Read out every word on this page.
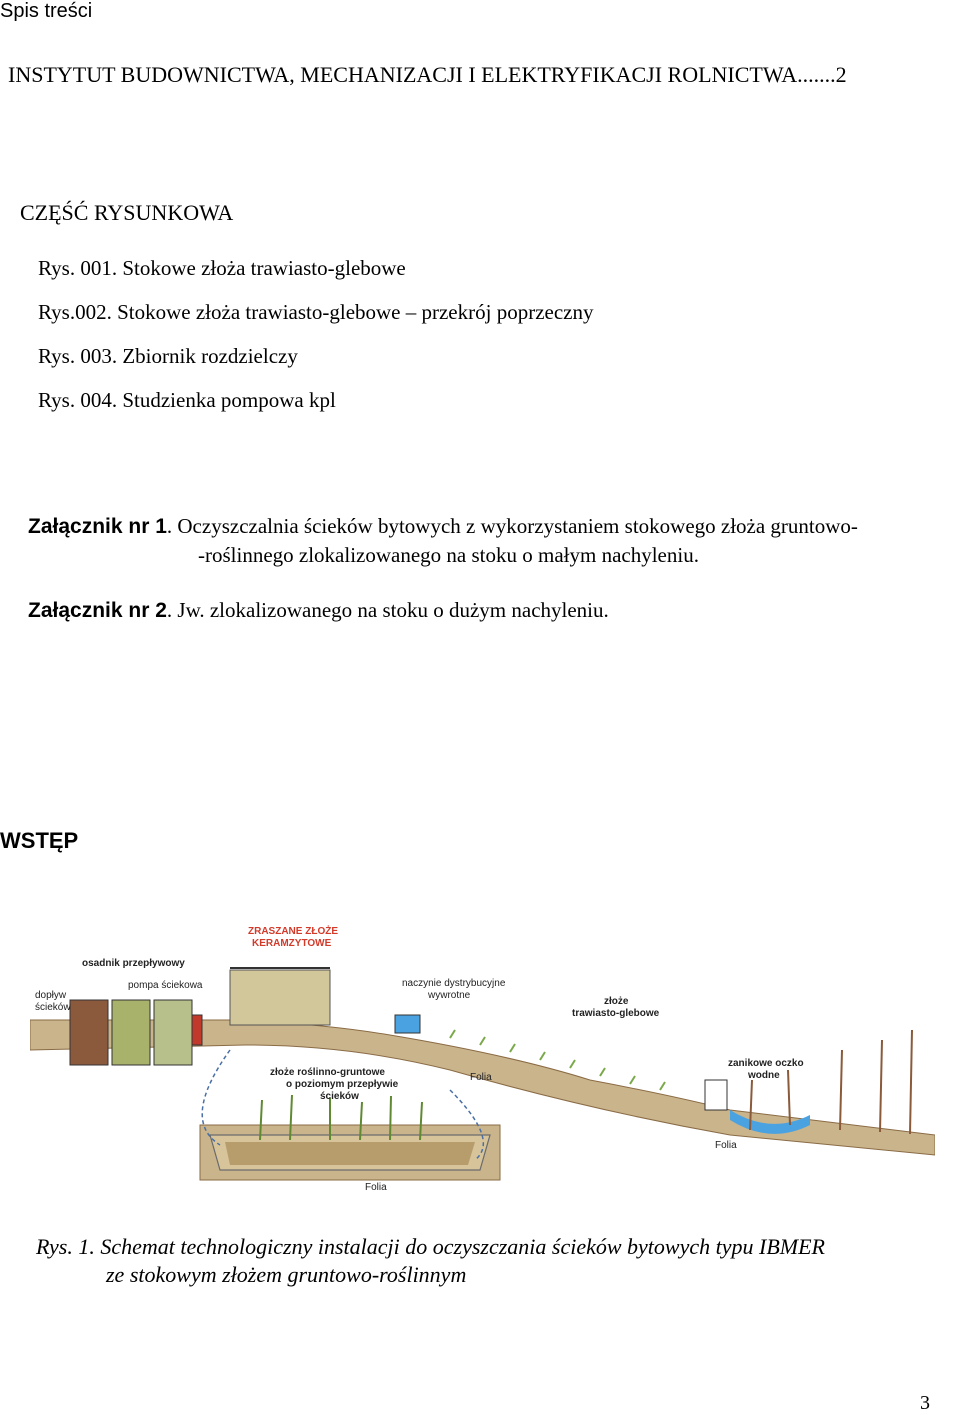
Spis treści
INSTYTUT BUDOWNICTWA, MECHANIZACJI I ELEKTRYFIKACJI ROLNICTWA.......2
CZĘŚĆ RYSUNKOWA
Rys. 001. Stokowe złoża trawiasto-glebowe
Rys.002. Stokowe złoża trawiasto-glebowe – przekrój poprzeczny
Rys. 003. Zbiornik rozdzielczy
Rys. 004. Studzienka pompowa kpl
Załącznik nr 1. Oczyszczalnia ścieków bytowych z wykorzystaniem stokowego złoża gruntowo-
-roślinnego zlokalizowanego na stoku o małym nachyleniu.
Załącznik nr 2. Jw. zlokalizowanego na stoku o dużym nachyleniu.
WSTĘP
ZRASZANE ZŁOŻE
KERAMZYTOWE
osadnik przepływowy
dopływ
ścieków
pompa ściekowa	naczynie dystrybucyjne
wywrotne
złoże
trawiasto-glebowe
zanikowe oczko
wodne
złoże roślinno-gruntowe
o poziomym przepływie
ścieków
Folia
Folia
Folia
Rys. 1. Schemat technologiczny instalacji do oczyszczania ścieków bytowych typu IBMER
ze stokowym złożem gruntowo-roślinnym
3
